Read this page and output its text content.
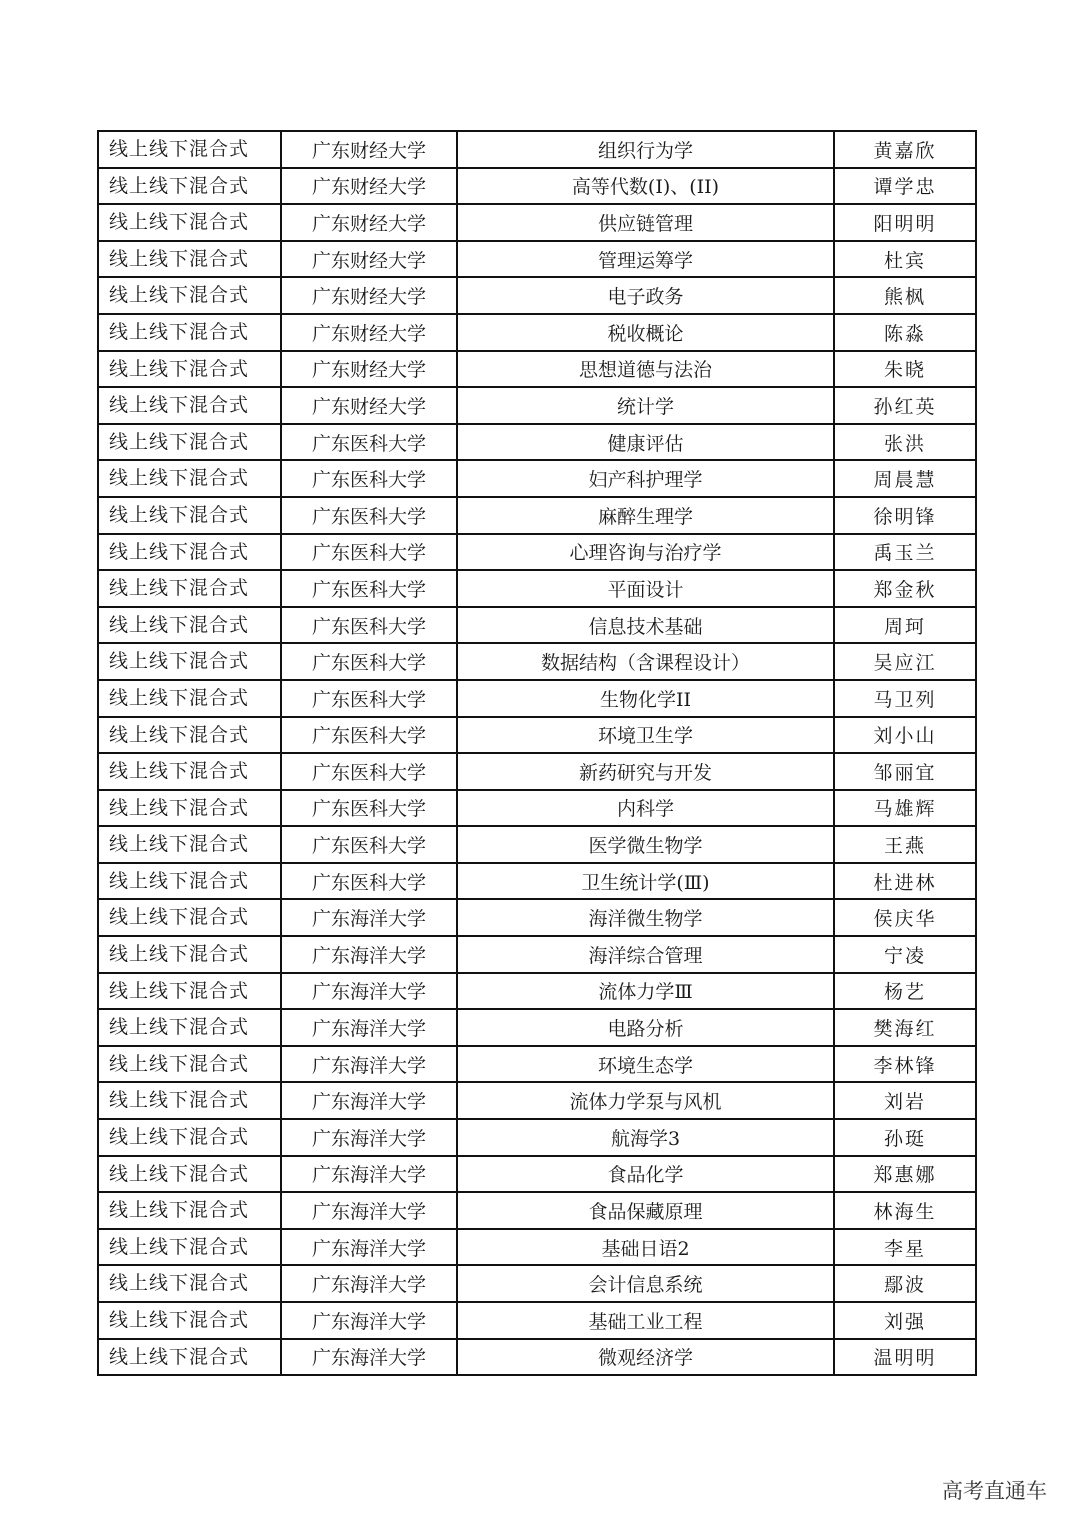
线上线下混合式	广东财经大学	组织行为学	黄嘉欣
线上线下混合式	广东财经大学	高等代数(I)、(II)	谭学忠
线上线下混合式	广东财经大学	供应链管理	阳明明
线上线下混合式	广东财经大学	管理运筹学	杜宾
线上线下混合式	广东财经大学	电子政务	熊枫
线上线下混合式	广东财经大学	税收概论	陈淼
线上线下混合式	广东财经大学	思想道德与法治	朱晓
线上线下混合式	广东财经大学	统计学	孙红英
线上线下混合式	广东医科大学	健康评估	张洪
线上线下混合式	广东医科大学	妇产科护理学	周晨慧
线上线下混合式	广东医科大学	麻醉生理学	徐明锋
线上线下混合式	广东医科大学	心理咨询与治疗学	禹玉兰
线上线下混合式	广东医科大学	平面设计	郑金秋
线上线下混合式	广东医科大学	信息技术基础	周珂
线上线下混合式	广东医科大学	数据结构（含课程设计）	吴应江
线上线下混合式	广东医科大学	生物化学II	马卫列
线上线下混合式	广东医科大学	环境卫生学	刘小山
线上线下混合式	广东医科大学	新药研究与开发	邹丽宜
线上线下混合式	广东医科大学	内科学	马雄辉
线上线下混合式	广东医科大学	医学微生物学	王燕
线上线下混合式	广东医科大学	卫生统计学(Ⅲ)	杜进林
线上线下混合式	广东海洋大学	海洋微生物学	侯庆华
线上线下混合式	广东海洋大学	海洋综合管理	宁凌
线上线下混合式	广东海洋大学	流体力学Ⅲ	杨艺
线上线下混合式	广东海洋大学	电路分析	樊海红
线上线下混合式	广东海洋大学	环境生态学	李林锋
线上线下混合式	广东海洋大学	流体力学泵与风机	刘岩
线上线下混合式	广东海洋大学	航海学3	孙珽
线上线下混合式	广东海洋大学	食品化学	郑惠娜
线上线下混合式	广东海洋大学	食品保藏原理	林海生
线上线下混合式	广东海洋大学	基础日语2	李星
线上线下混合式	广东海洋大学	会计信息系统	鄢波
线上线下混合式	广东海洋大学	基础工业工程	刘强
线上线下混合式	广东海洋大学	微观经济学	温明明
高考直通车
